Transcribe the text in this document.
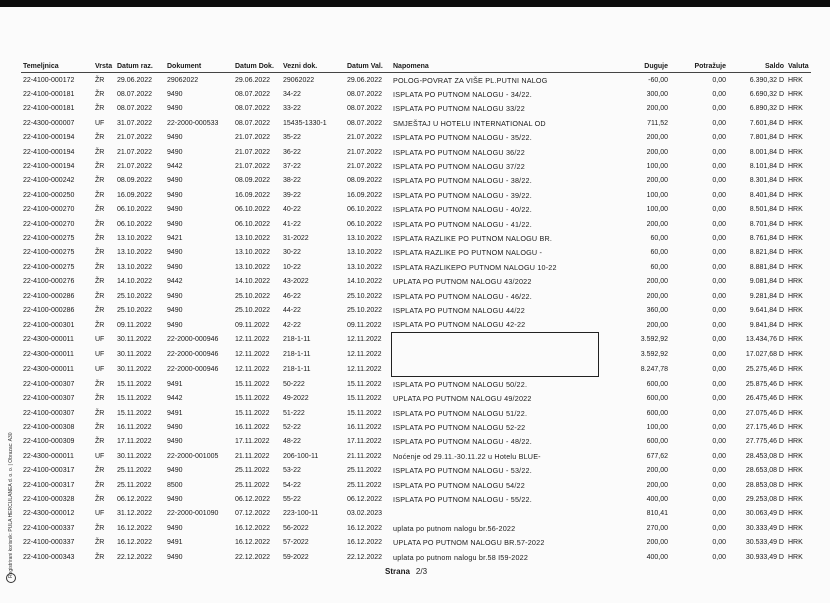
Registrirani korisnik: PULA HERCULANEA d. o. o. | Obrazac: A30	Strana 2/3
Temeljnica	Vrsta	Datum raz.	Dokument	Datum Dok.	Vezni dok.	Datum Val.	Napomena	Duguje	Potražuje	Saldo	Valuta
22-4100-000172	ŽR	29.06.2022	29062022	29.06.2022	29062022	29.06.2022	POLOG-POVRAT ZA VIŠE PL.PUTNI NALOG	-60,00	0,00	6.390,32 D	HRK
22-4100-000181	ŽR	08.07.2022	9490	08.07.2022	34-22	08.07.2022	ISPLATA PO PUTNOM NALOGU - 34/22.	300,00	0,00	6.690,32 D	HRK
22-4100-000181	ŽR	08.07.2022	9490	08.07.2022	33-22	08.07.2022	ISPLATA PO PUTNOM NALOGU 33/22	200,00	0,00	6.890,32 D	HRK
22-4300-000007	UF	31.07.2022	22-2000-000533	08.07.2022	15435-1330-1	08.07.2022	SMJEŠTAJ U HOTELU INTERNATIONAL OD	711,52	0,00	7.601,84 D	HRK
22-4100-000194	ŽR	21.07.2022	9490	21.07.2022	35-22	21.07.2022	ISPLATA PO PUTNOM NALOGU - 35/22.	200,00	0,00	7.801,84 D	HRK
22-4100-000194	ŽR	21.07.2022	9490	21.07.2022	36-22	21.07.2022	ISPLATA PO PUTNOM NALOGU 36/22	200,00	0,00	8.001,84 D	HRK
22-4100-000194	ŽR	21.07.2022	9442	21.07.2022	37-22	21.07.2022	ISPLATA PO PUTNOM NALOGU 37/22	100,00	0,00	8.101,84 D	HRK
22-4100-000242	ŽR	08.09.2022	9490	08.09.2022	38-22	08.09.2022	ISPLATA PO PUTNOM NALOGU - 38/22.	200,00	0,00	8.301,84 D	HRK
22-4100-000250	ŽR	16.09.2022	9490	16.09.2022	39-22	16.09.2022	ISPLATA PO PUTNOM NALOGU - 39/22.	100,00	0,00	8.401,84 D	HRK
22-4100-000270	ŽR	06.10.2022	9490	06.10.2022	40-22	06.10.2022	ISPLATA PO PUTNOM NALOGU - 40/22.	100,00	0,00	8.501,84 D	HRK
22-4100-000270	ŽR	06.10.2022	9490	06.10.2022	41-22	06.10.2022	ISPLATA PO PUTNOM NALOGU - 41/22.	200,00	0,00	8.701,84 D	HRK
22-4100-000275	ŽR	13.10.2022	9421	13.10.2022	31-2022	13.10.2022	ISPLATA RAZLIKE PO PUTNOM NALOGU BR.	60,00	0,00	8.761,84 D	HRK
22-4100-000275	ŽR	13.10.2022	9490	13.10.2022	30-22	13.10.2022	ISPLATA RAZLIKE PO PUTNOM NALOGU -	60,00	0,00	8.821,84 D	HRK
22-4100-000275	ŽR	13.10.2022	9490	13.10.2022	10-22	13.10.2022	ISPLATA RAZLIKEPO PUTNOM NALOGU 10-22	60,00	0,00	8.881,84 D	HRK
22-4100-000276	ŽR	14.10.2022	9442	14.10.2022	43-2022	14.10.2022	UPLATA PO PUTNOM NALOGU 43/2022	200,00	0,00	9.081,84 D	HRK
22-4100-000286	ŽR	25.10.2022	9490	25.10.2022	46-22	25.10.2022	ISPLATA PO PUTNOM NALOGU - 46/22.	200,00	0,00	9.281,84 D	HRK
22-4100-000286	ŽR	25.10.2022	9490	25.10.2022	44-22	25.10.2022	ISPLATA PO PUTNOM NALOGU 44/22	360,00	0,00	9.641,84 D	HRK
22-4100-000301	ŽR	09.11.2022	9490	09.11.2022	42-22	09.11.2022	ISPLATA PO PUTNOM NALOGU 42-22	200,00	0,00	9.841,84 D	HRK
22-4300-000011	UF	30.11.2022	22-2000-000946	12.11.2022	218-1-11	12.11.2022		3.592,92	0,00	13.434,76 D	HRK
22-4300-000011	UF	30.11.2022	22-2000-000946	12.11.2022	218-1-11	12.11.2022		3.592,92	0,00	17.027,68 D	HRK
22-4300-000011	UF	30.11.2022	22-2000-000946	12.11.2022	218-1-11	12.11.2022		8.247,78	0,00	25.275,46 D	HRK
22-4100-000307	ŽR	15.11.2022	9491	15.11.2022	50-222	15.11.2022	ISPLATA PO PUTNOM NALOGU 50/22.	600,00	0,00	25.875,46 D	HRK
22-4100-000307	ŽR	15.11.2022	9442	15.11.2022	49-2022	15.11.2022	UPLATA PO PUTNOM NALOGU 49/2022	600,00	0,00	26.475,46 D	HRK
22-4100-000307	ŽR	15.11.2022	9491	15.11.2022	51-222	15.11.2022	ISPLATA PO PUTNOM NALOGU 51/22.	600,00	0,00	27.075,46 D	HRK
22-4100-000308	ŽR	16.11.2022	9490	16.11.2022	52-22	16.11.2022	ISPLATA PO PUTNOM NALOGU 52-22	100,00	0,00	27.175,46 D	HRK
22-4100-000309	ŽR	17.11.2022	9490	17.11.2022	48-22	17.11.2022	ISPLATA PO PUTNOM NALOGU - 48/22.	600,00	0,00	27.775,46 D	HRK
22-4300-000011	UF	30.11.2022	22-2000-001005	21.11.2022	206-100-11	21.11.2022	Noćenje od 29.11.-30.11.22 u Hotelu BLUE-	677,62	0,00	28.453,08 D	HRK
22-4100-000317	ŽR	25.11.2022	9490	25.11.2022	53-22	25.11.2022	ISPLATA PO PUTNOM NALOGU - 53/22.	200,00	0,00	28.653,08 D	HRK
22-4100-000317	ŽR	25.11.2022	8500	25.11.2022	54-22	25.11.2022	ISPLATA PO PUTNOM NALOGU 54/22	200,00	0,00	28.853,08 D	HRK
22-4100-000328	ŽR	06.12.2022	9490	06.12.2022	55-22	06.12.2022	ISPLATA PO PUTNOM NALOGU - 55/22.	400,00	0,00	29.253,08 D	HRK
22-4300-000012	UF	31.12.2022	22-2000-001090	07.12.2022	223-100-11	03.02.2023		810,41	0,00	30.063,49 D	HRK
22-4100-000337	ŽR	16.12.2022	9490	16.12.2022	56-2022	16.12.2022	uplata po putnom nalogu br.56-2022	270,00	0,00	30.333,49 D	HRK
22-4100-000337	ŽR	16.12.2022	9491	16.12.2022	57-2022	16.12.2022	UPLATA PO PUTNOM NALOGU BR.57-2022	200,00	0,00	30.533,49 D	HRK
22-4100-000343	ŽR	22.12.2022	9490	22.12.2022	59-2022	22.12.2022	uplata po putnom nalogu br.58 I59-2022	400,00	0,00	30.933,49 D	HRK
